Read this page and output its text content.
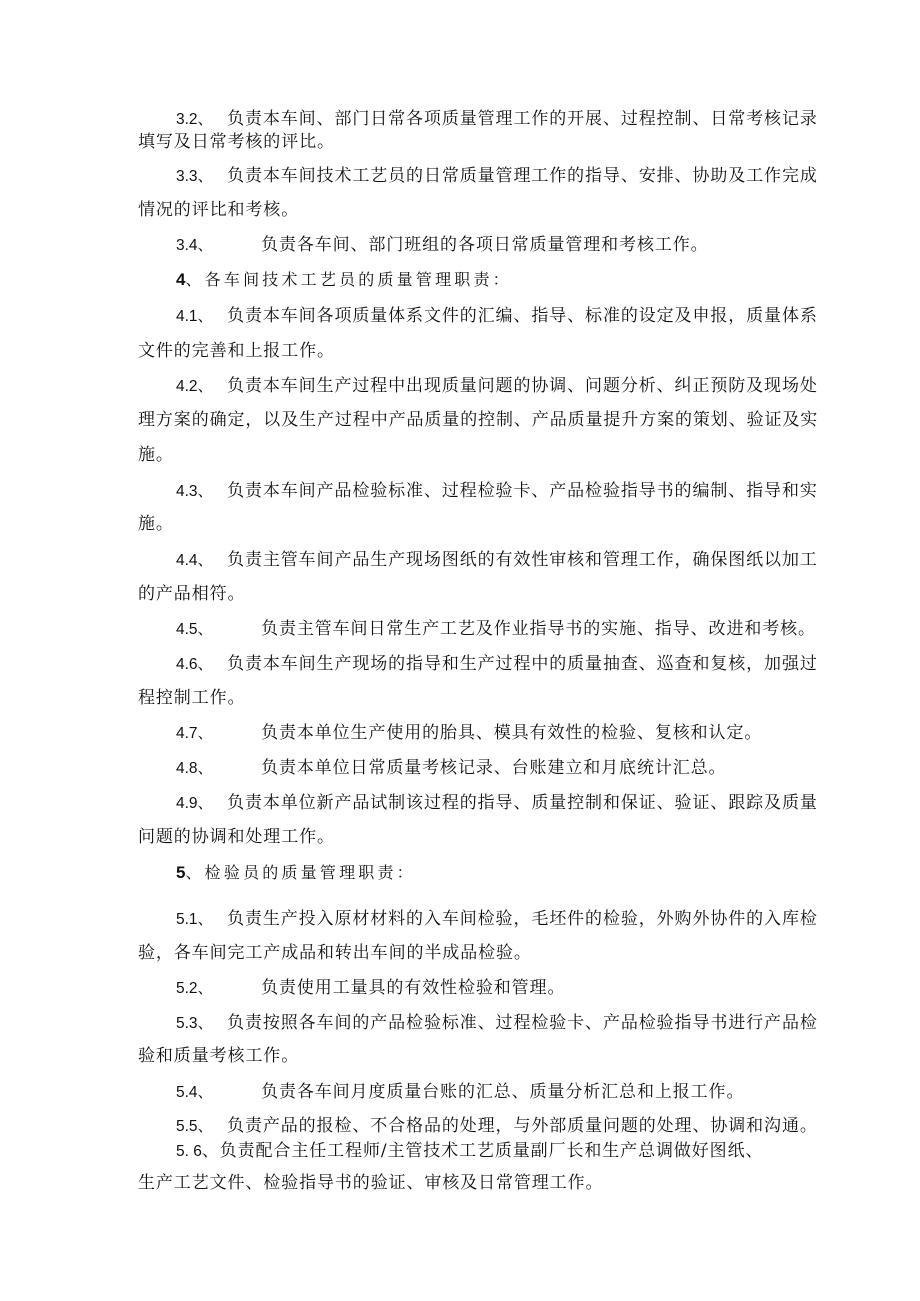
3.2、 负责本车间、部门日常各项质量管理工作的开展、过程控制、日常考核记录
填写及日常考核的评比。
3.3、 负责本车间技术工艺员的日常质量管理工作的指导、安排、协助及工作完成
情况的评比和考核。
3.4、	负责各车间、部门班组的各项日常质量管理和考核工作。
4、各车间技术工艺员的质量管理职责：
4.1、 负责本车间各项质量体系文件的汇编、指导、标准的设定及申报，质量体系
文件的完善和上报工作。
4.2、 负责本车间生产过程中出现质量问题的协调、问题分析、纠正预防及现场处
理方案的确定，以及生产过程中产品质量的控制、产品质量提升方案的策划、验证及实
施。
4.3、 负责本车间产品检验标准、过程检验卡、产品检验指导书的编制、指导和实
施。
4.4、 负责主管车间产品生产现场图纸的有效性审核和管理工作，确保图纸以加工
的产品相符。
4.5、	负责主管车间日常生产工艺及作业指导书的实施、指导、改进和考核。
4.6、 负责本车间生产现场的指导和生产过程中的质量抽查、巡查和复核，加强过
程控制工作。
4.7、	负责本单位生产使用的胎具、模具有效性的检验、复核和认定。
4.8、	负责本单位日常质量考核记录、台账建立和月底统计汇总。
4.9、 负责本单位新产品试制该过程的指导、质量控制和保证、验证、跟踪及质量
问题的协调和处理工作。
5、检验员的质量管理职责：
5.1、 负责生产投入原材材料的入车间检验，毛坯件的检验，外购外协件的入库检
验，各车间完工产成品和转出车间的半成品检验。
5.2、	负责使用工量具的有效性检验和管理。
5.3、 负责按照各车间的产品检验标准、过程检验卡、产品检验指导书进行产品检
验和质量考核工作。
5.4、	负责各车间月度质量台账的汇总、质量分析汇总和上报工作。
5.5、 负责产品的报检、不合格品的处理，与外部质量问题的处理、协调和沟通。
5. 6、负责配合主任工程师/主管技术工艺质量副厂长和生产总调做好图纸、
生产工艺文件、检验指导书的验证、审核及日常管理工作。
